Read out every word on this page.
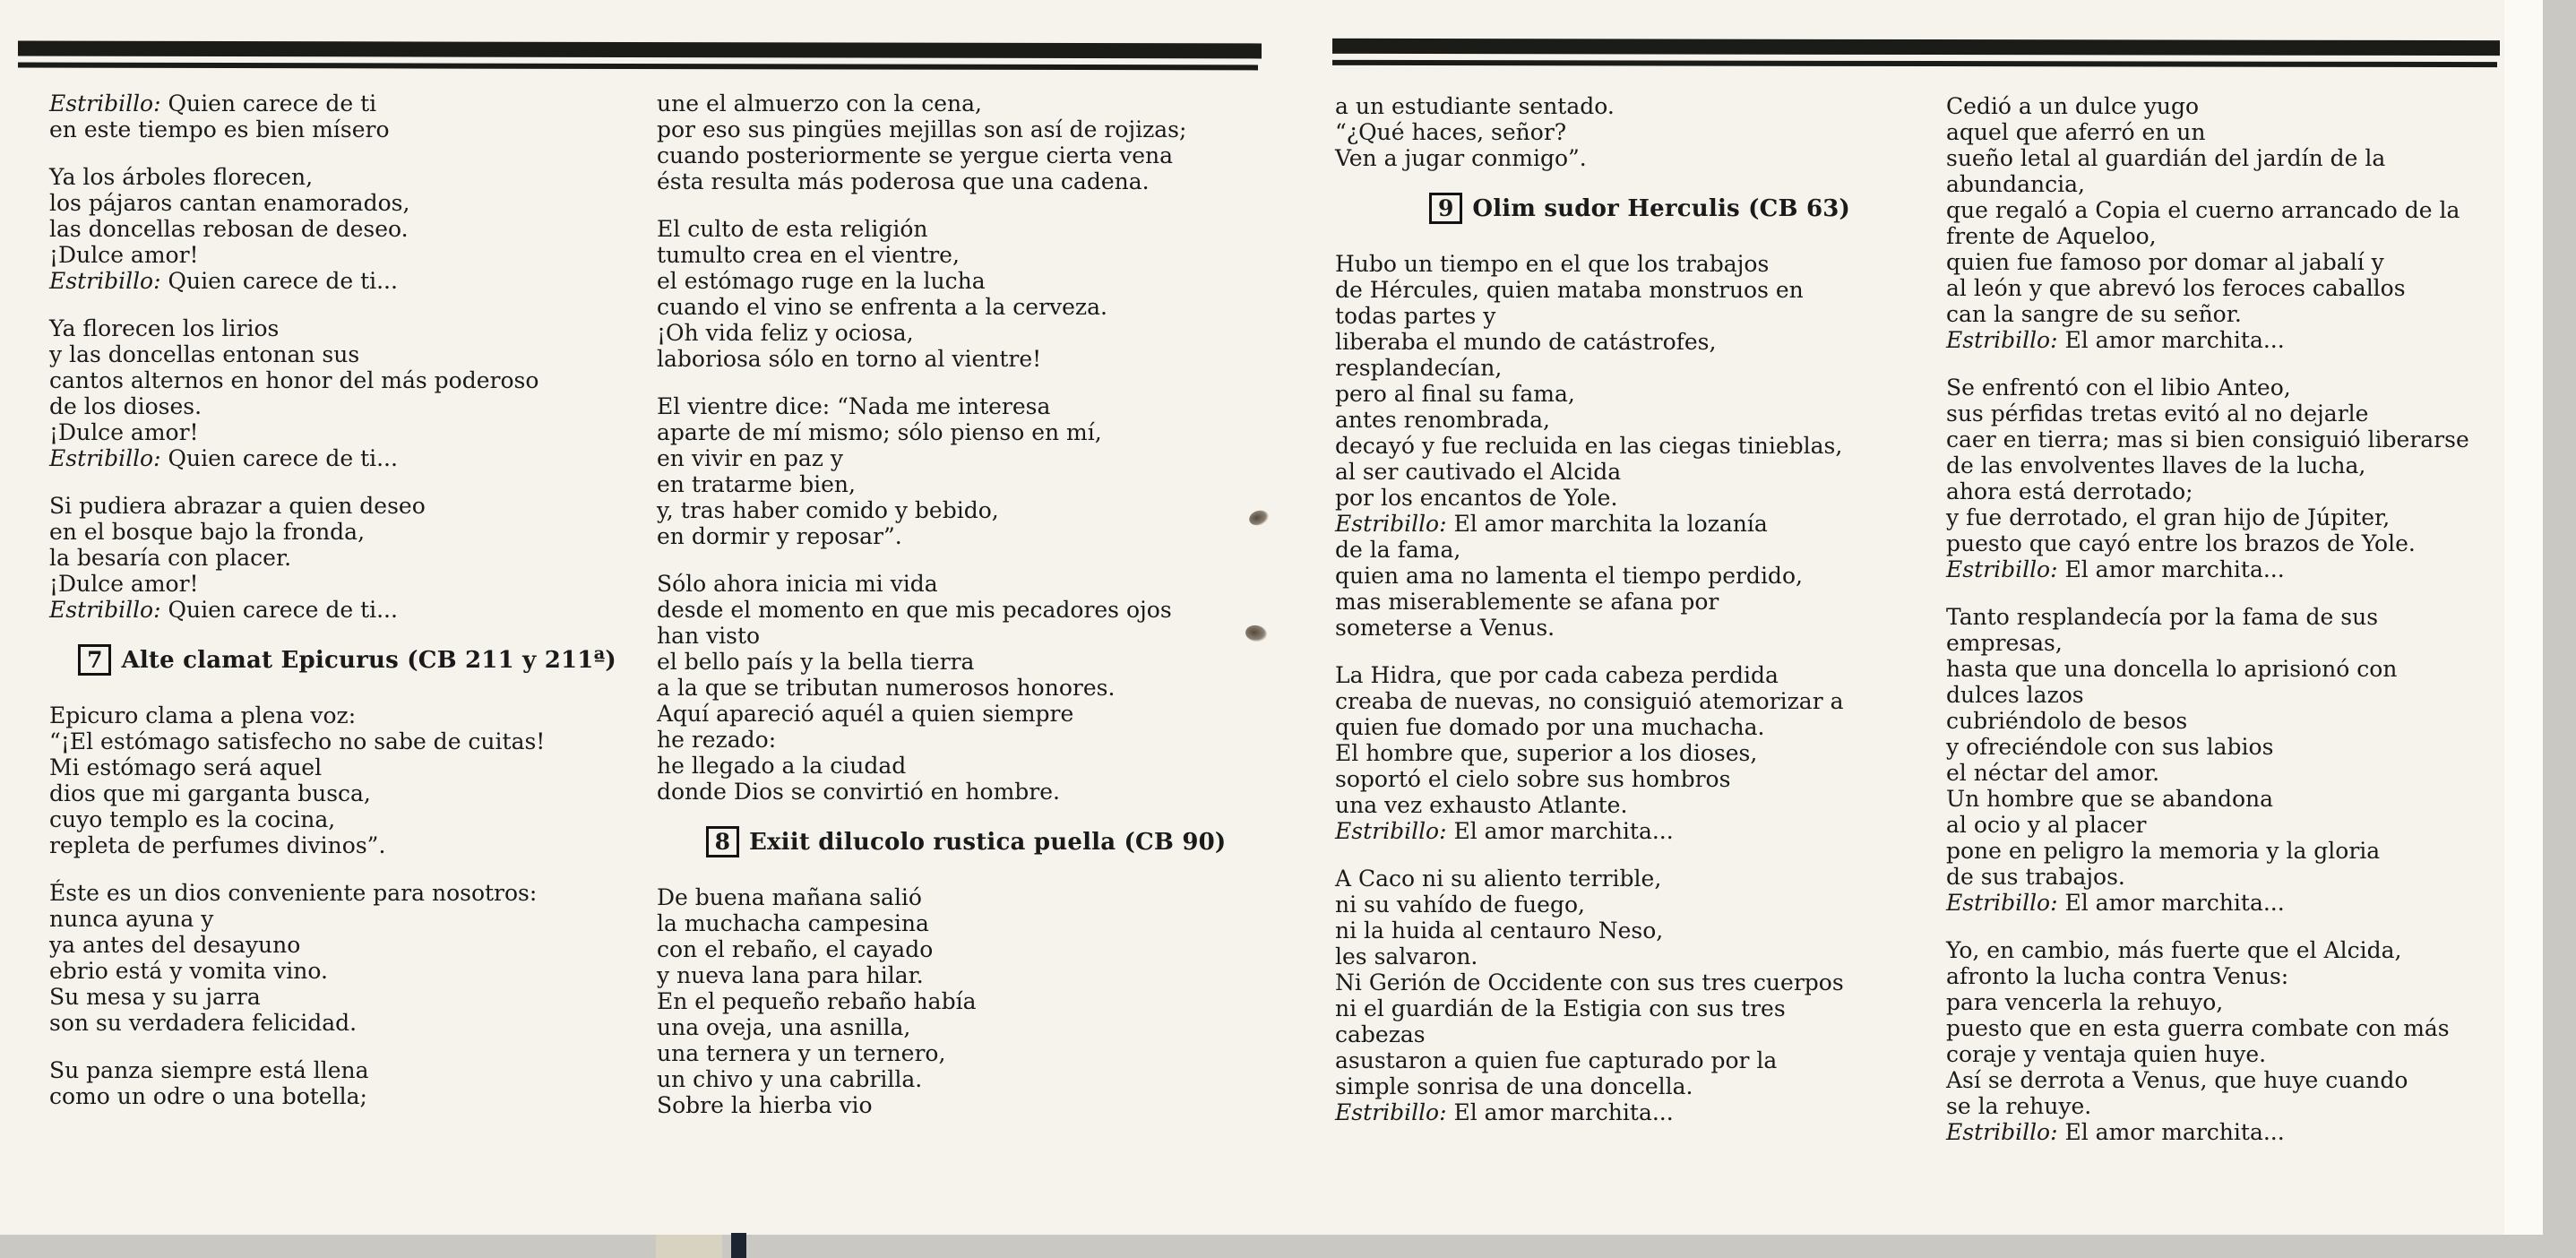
Estribillo: Quien carece de ti
en este tiempo es bien mísero
Ya los árboles florecen,
los pájaros cantan enamorados,
las doncellas rebosan de deseo.
¡Dulce amor!
Estribillo: Quien carece de ti...
Ya florecen los lirios
y las doncellas entonan sus
cantos alternos en honor del más poderoso
de los dioses.
¡Dulce amor!
Estribillo: Quien carece de ti...
Si pudiera abrazar a quien deseo
en el bosque bajo la fronda,
la besaría con placer.
¡Dulce amor!
Estribillo: Quien carece de ti...
7 Alte clamat Epicurus (CB 211 y 211ª)
Epicuro clama a plena voz:
“¡El estómago satisfecho no sabe de cuitas!
Mi estómago será aquel
dios que mi garganta busca,
cuyo templo es la cocina,
repleta de perfumes divinos”.
Éste es un dios conveniente para nosotros:
nunca ayuna y
ya antes del desayuno
ebrio está y vomita vino.
Su mesa y su jarra
son su verdadera felicidad.
Su panza siempre está llena
como un odre o una botella;
une el almuerzo con la cena,
por eso sus pingües mejillas son así de rojizas;
cuando posteriormente se yergue cierta vena
ésta resulta más poderosa que una cadena.
El culto de esta religión
tumulto crea en el vientre,
el estómago ruge en la lucha
cuando el vino se enfrenta a la cerveza.
¡Oh vida feliz y ociosa,
laboriosa sólo en torno al vientre!
El vientre dice: “Nada me interesa
aparte de mí mismo; sólo pienso en mí,
en vivir en paz y
en tratarme bien,
y, tras haber comido y bebido,
en dormir y reposar”.
Sólo ahora inicia mi vida
desde el momento en que mis pecadores ojos
han visto
el bello país y la bella tierra
a la que se tributan numerosos honores.
Aquí apareció aquél a quien siempre
he rezado:
he llegado a la ciudad
donde Dios se convirtió en hombre.
8 Exiit dilucolo rustica puella (CB 90)
De buena mañana salió
la muchacha campesina
con el rebaño, el cayado
y nueva lana para hilar.
En el pequeño rebaño había
una oveja, una asnilla,
una ternera y un ternero,
un chivo y una cabrilla.
Sobre la hierba vio
a un estudiante sentado.
“¿Qué haces, señor?
Ven a jugar conmigo”.
9 Olim sudor Herculis (CB 63)
Hubo un tiempo en el que los trabajos
de Hércules, quien mataba monstruos en
todas partes y
liberaba el mundo de catástrofes,
resplandecían,
pero al final su fama,
antes renombrada,
decayó y fue recluida en las ciegas tinieblas,
al ser cautivado el Alcida
por los encantos de Yole.
Estribillo: El amor marchita la lozanía
de la fama,
quien ama no lamenta el tiempo perdido,
mas miserablemente se afana por
someterse a Venus.
La Hidra, que por cada cabeza perdida
creaba de nuevas, no consiguió atemorizar a
quien fue domado por una muchacha.
El hombre que, superior a los dioses,
soportó el cielo sobre sus hombros
una vez exhausto Atlante.
Estribillo: El amor marchita...
A Caco ni su aliento terrible,
ni su vahído de fuego,
ni la huida al centauro Neso,
les salvaron.
Ni Gerión de Occidente con sus tres cuerpos
ni el guardián de la Estigia con sus tres
cabezas
asustaron a quien fue capturado por la
simple sonrisa de una doncella.
Estribillo: El amor marchita...
Cedió a un dulce yugo
aquel que aferró en un
sueño letal al guardián del jardín de la
abundancia,
que regaló a Copia el cuerno arrancado de la
frente de Aqueloo,
quien fue famoso por domar al jabalí y
al león y que abrevó los feroces caballos
can la sangre de su señor.
Estribillo: El amor marchita...
Se enfrentó con el libio Anteo,
sus pérfidas tretas evitó al no dejarle
caer en tierra; mas si bien consiguió liberarse
de las envolventes llaves de la lucha,
ahora está derrotado;
y fue derrotado, el gran hijo de Júpiter,
puesto que cayó entre los brazos de Yole.
Estribillo: El amor marchita...
Tanto resplandecía por la fama de sus
empresas,
hasta que una doncella lo aprisionó con
dulces lazos
cubriéndolo de besos
y ofreciéndole con sus labios
el néctar del amor.
Un hombre que se abandona
al ocio y al placer
pone en peligro la memoria y la gloria
de sus trabajos.
Estribillo: El amor marchita...
Yo, en cambio, más fuerte que el Alcida,
afronto la lucha contra Venus:
para vencerla la rehuyo,
puesto que en esta guerra combate con más
coraje y ventaja quien huye.
Así se derrota a Venus, que huye cuando
se la rehuye.
Estribillo: El amor marchita...
